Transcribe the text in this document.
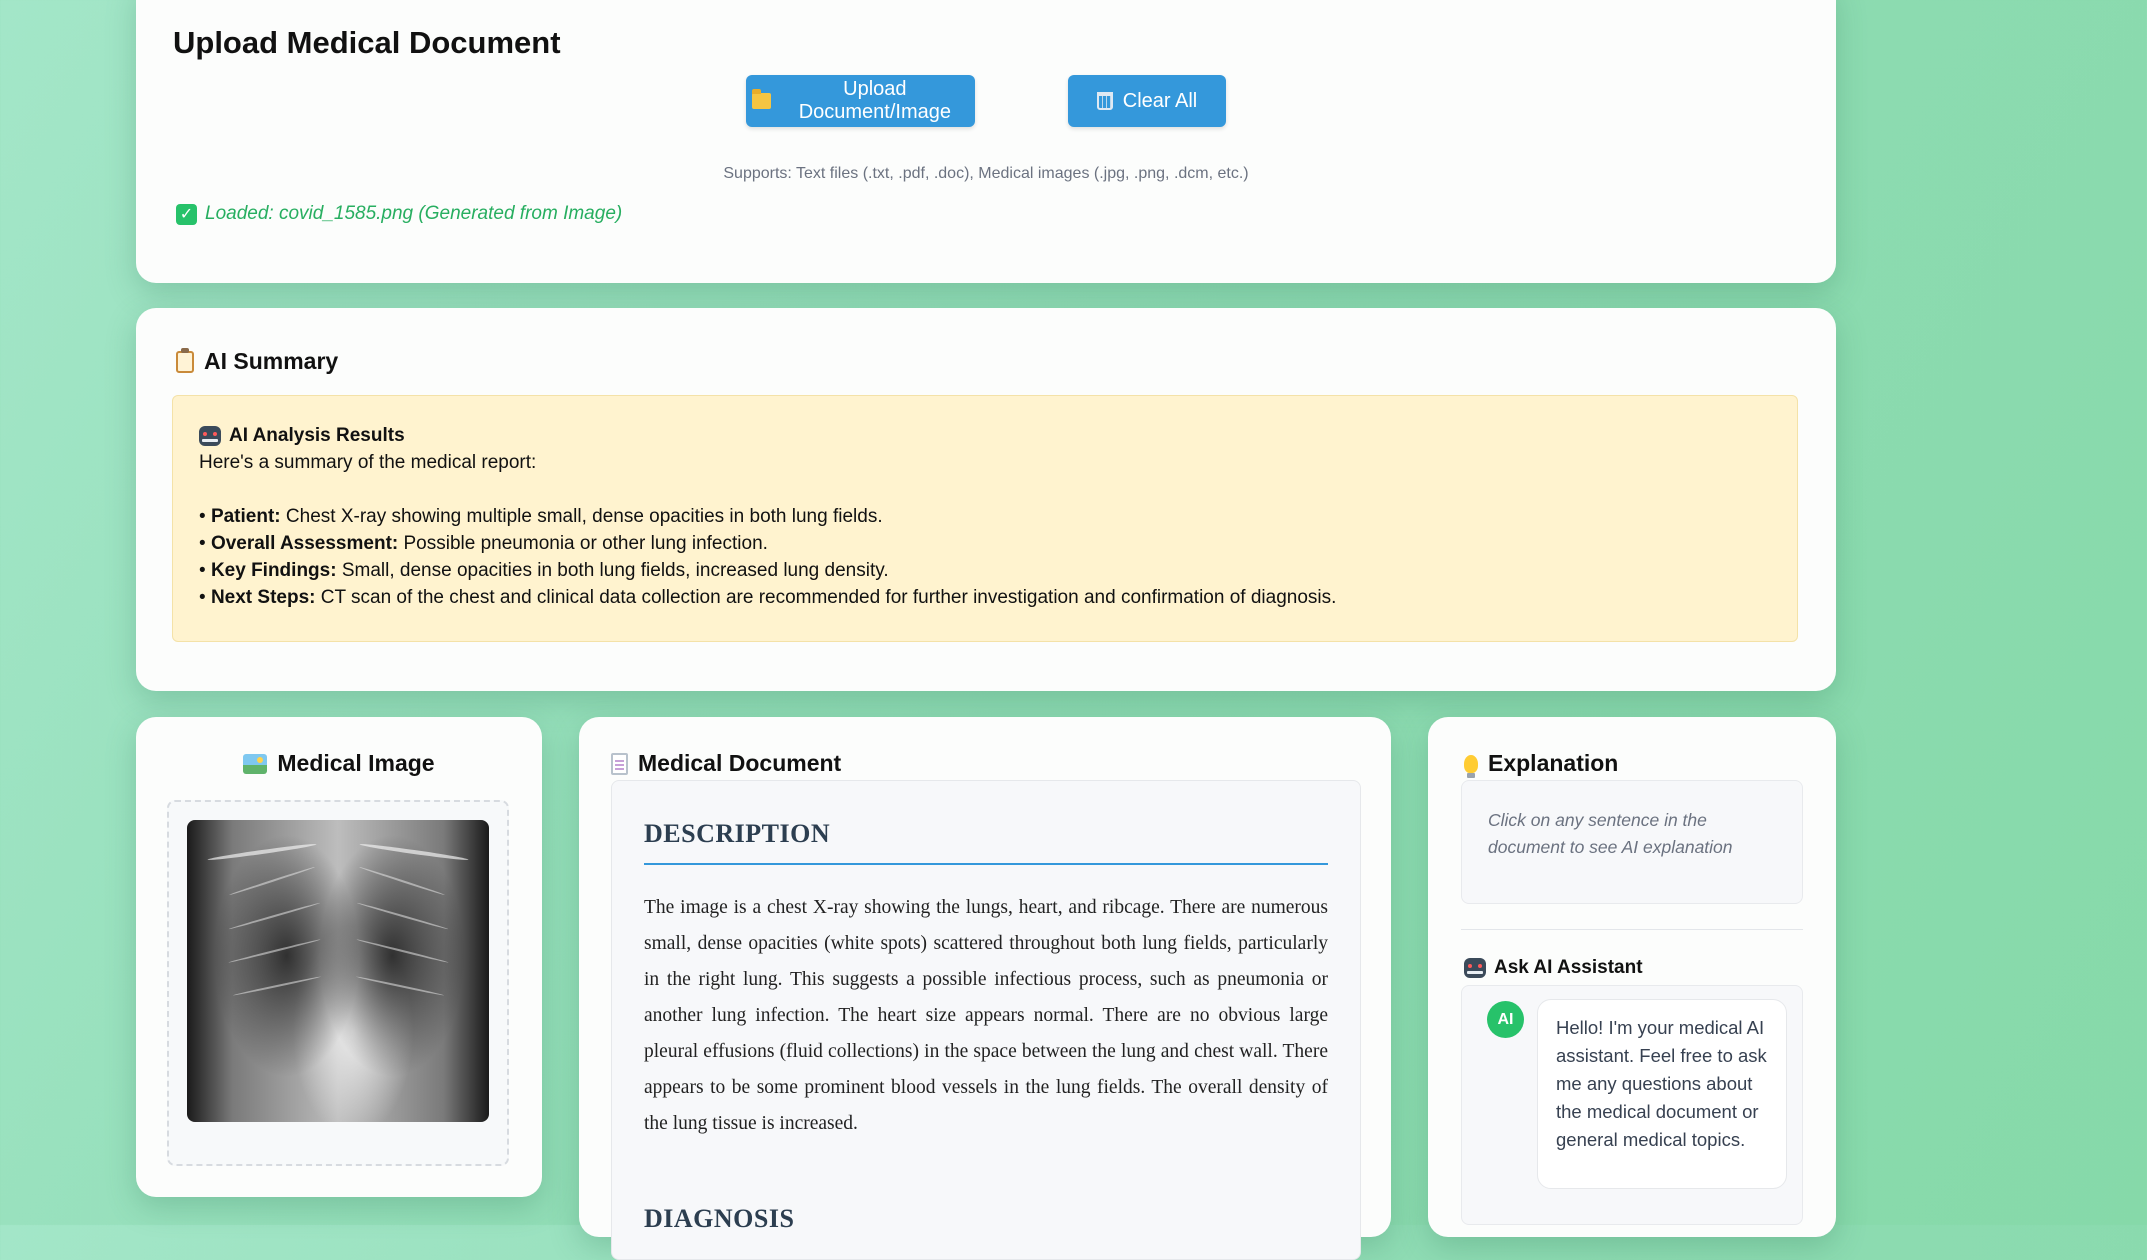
Upload Medical Document
Upload Document/Image
Clear All
Supports: Text files (.txt, .pdf, .doc), Medical images (.jpg, .png, .dcm, etc.)
✓ Loaded: covid_1585.png (Generated from Image)
AI Summary
AI Analysis Results
Here's a summary of the medical report:
• Patient: Chest X-ray showing multiple small, dense opacities in both lung fields.
• Overall Assessment: Possible pneumonia or other lung infection.
• Key Findings: Small, dense opacities in both lung fields, increased lung density.
• Next Steps: CT scan of the chest and clinical data collection are recommended for further investigation and confirmation of diagnosis.
Medical Image	Medical Document
DESCRIPTION
The image is a chest X-ray showing the lungs, heart, and ribcage. There are numerous small, dense opacities (white spots) scattered throughout both lung fields, particularly in the right lung. This suggests a possible infectious process, such as pneumonia or another lung infection. The heart size appears normal. There are no obvious large pleural effusions (fluid collections) in the space between the lung and chest wall. There appears to be some prominent blood vessels in the lung fields. The overall density of the lung tissue is increased.
DIAGNOSIS
Explanation
Click on any sentence in the document to see AI explanation
Ask AI Assistant
AI	Hello! I'm your medical AI assistant. Feel free to ask me any questions about the medical document or general medical topics.
